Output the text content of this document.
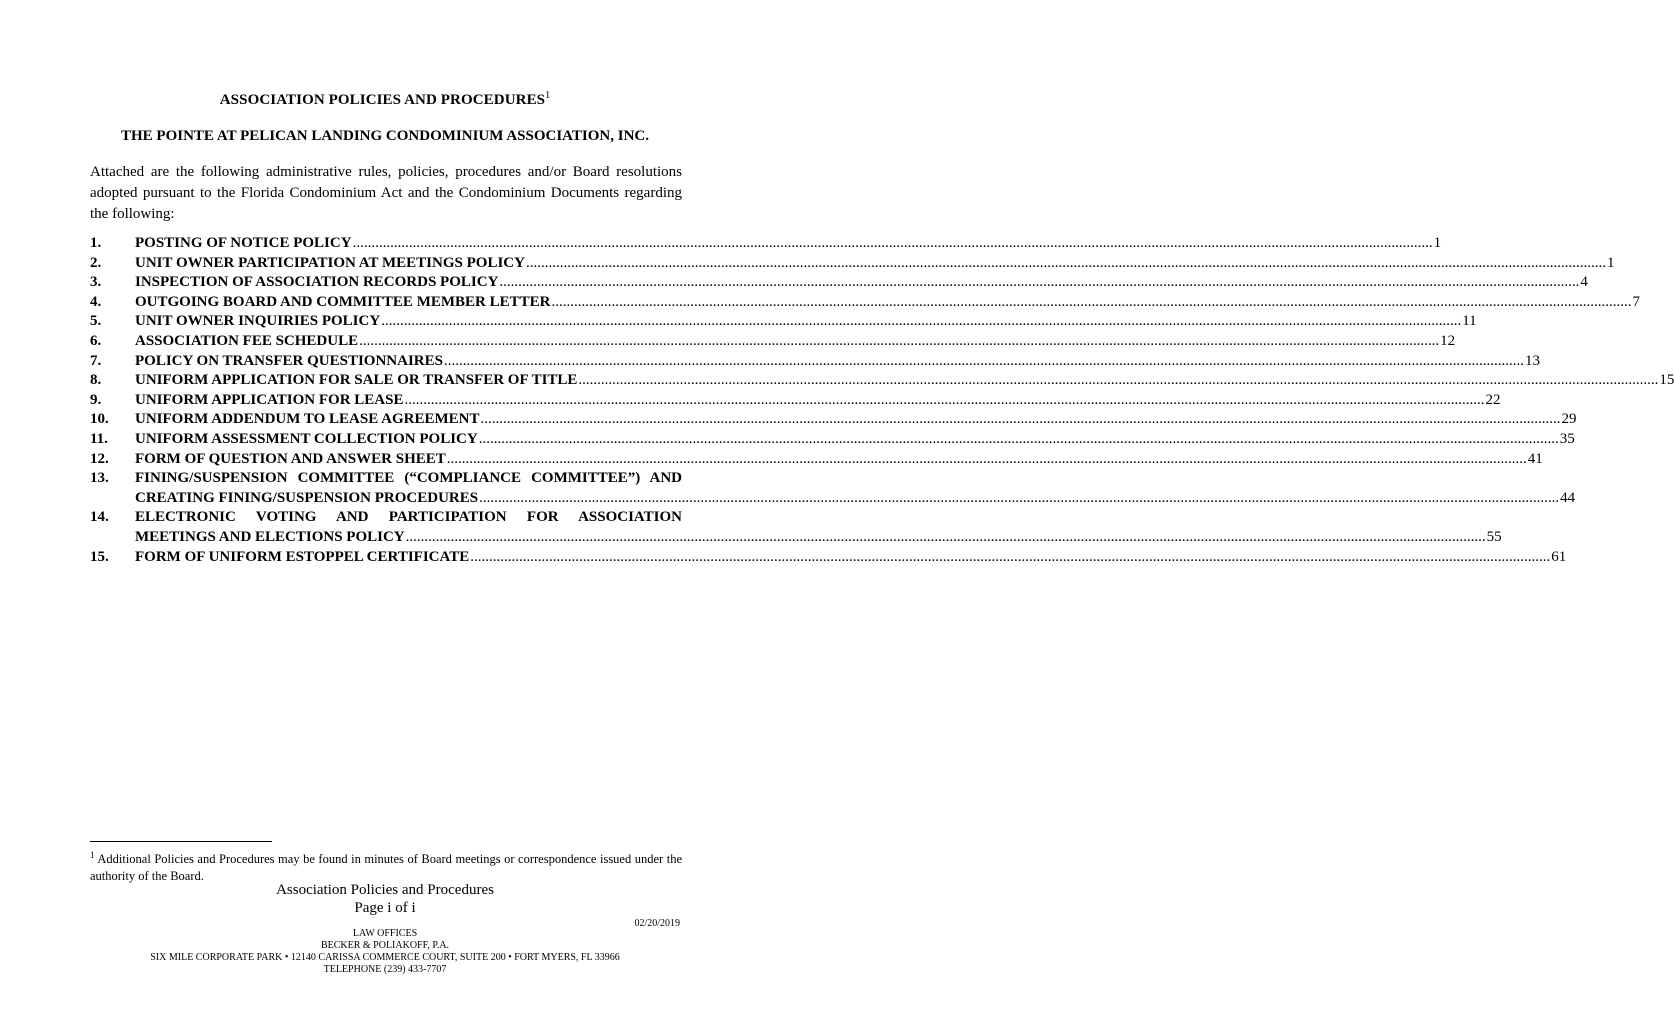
ASSOCIATION POLICIES AND PROCEDURES$^1$
THE POINTE AT PELICAN LANDING CONDOMINIUM ASSOCIATION, INC.
Attached are the following administrative rules, policies, procedures and/or Board resolutions adopted pursuant to the Florida Condominium Act and the Condominium Documents regarding the following:
1.	POSTING OF NOTICE POLICY .....	1
2.	UNIT OWNER PARTICIPATION AT MEETINGS POLICY .....	1
3.	INSPECTION OF ASSOCIATION RECORDS POLICY .....	4
4.	OUTGOING BOARD AND COMMITTEE MEMBER LETTER .....	7
5.	UNIT OWNER INQUIRIES POLICY .....	11
6.	ASSOCIATION FEE SCHEDULE .....	12
7.	POLICY ON TRANSFER QUESTIONNAIRES .....	13
8.	UNIFORM APPLICATION FOR SALE OR TRANSFER OF TITLE .....	15
9.	UNIFORM APPLICATION FOR LEASE .....	22
10.	UNIFORM ADDENDUM TO LEASE AGREEMENT .....	29
11.	UNIFORM ASSESSMENT COLLECTION POLICY .....	35
12.	FORM OF QUESTION AND ANSWER SHEET .....	41
13.	FINING/SUSPENSION COMMITTEE (“COMPLIANCE COMMITTEE”) AND
CREATING FINING/SUSPENSION PROCEDURES .....	44
14.	ELECTRONIC VOTING AND PARTICIPATION FOR ASSOCIATION
MEETINGS AND ELECTIONS POLICY .....	55
15.	FORM OF UNIFORM ESTOPPEL CERTIFICATE .....	61
$^1$ Additional Policies and Procedures may be found in minutes of Board meetings or correspondence issued under the authority of the Board.
Association Policies and Procedures
Page i of i
02/20/2019
LAW OFFICES
BECKER & POLIAKOFF, P.A.
SIX MILE CORPORATE PARK • 12140 CARISSA COMMERCE COURT, SUITE 200 • FORT MYERS, FL 33966
TELEPHONE (239) 433-7707
